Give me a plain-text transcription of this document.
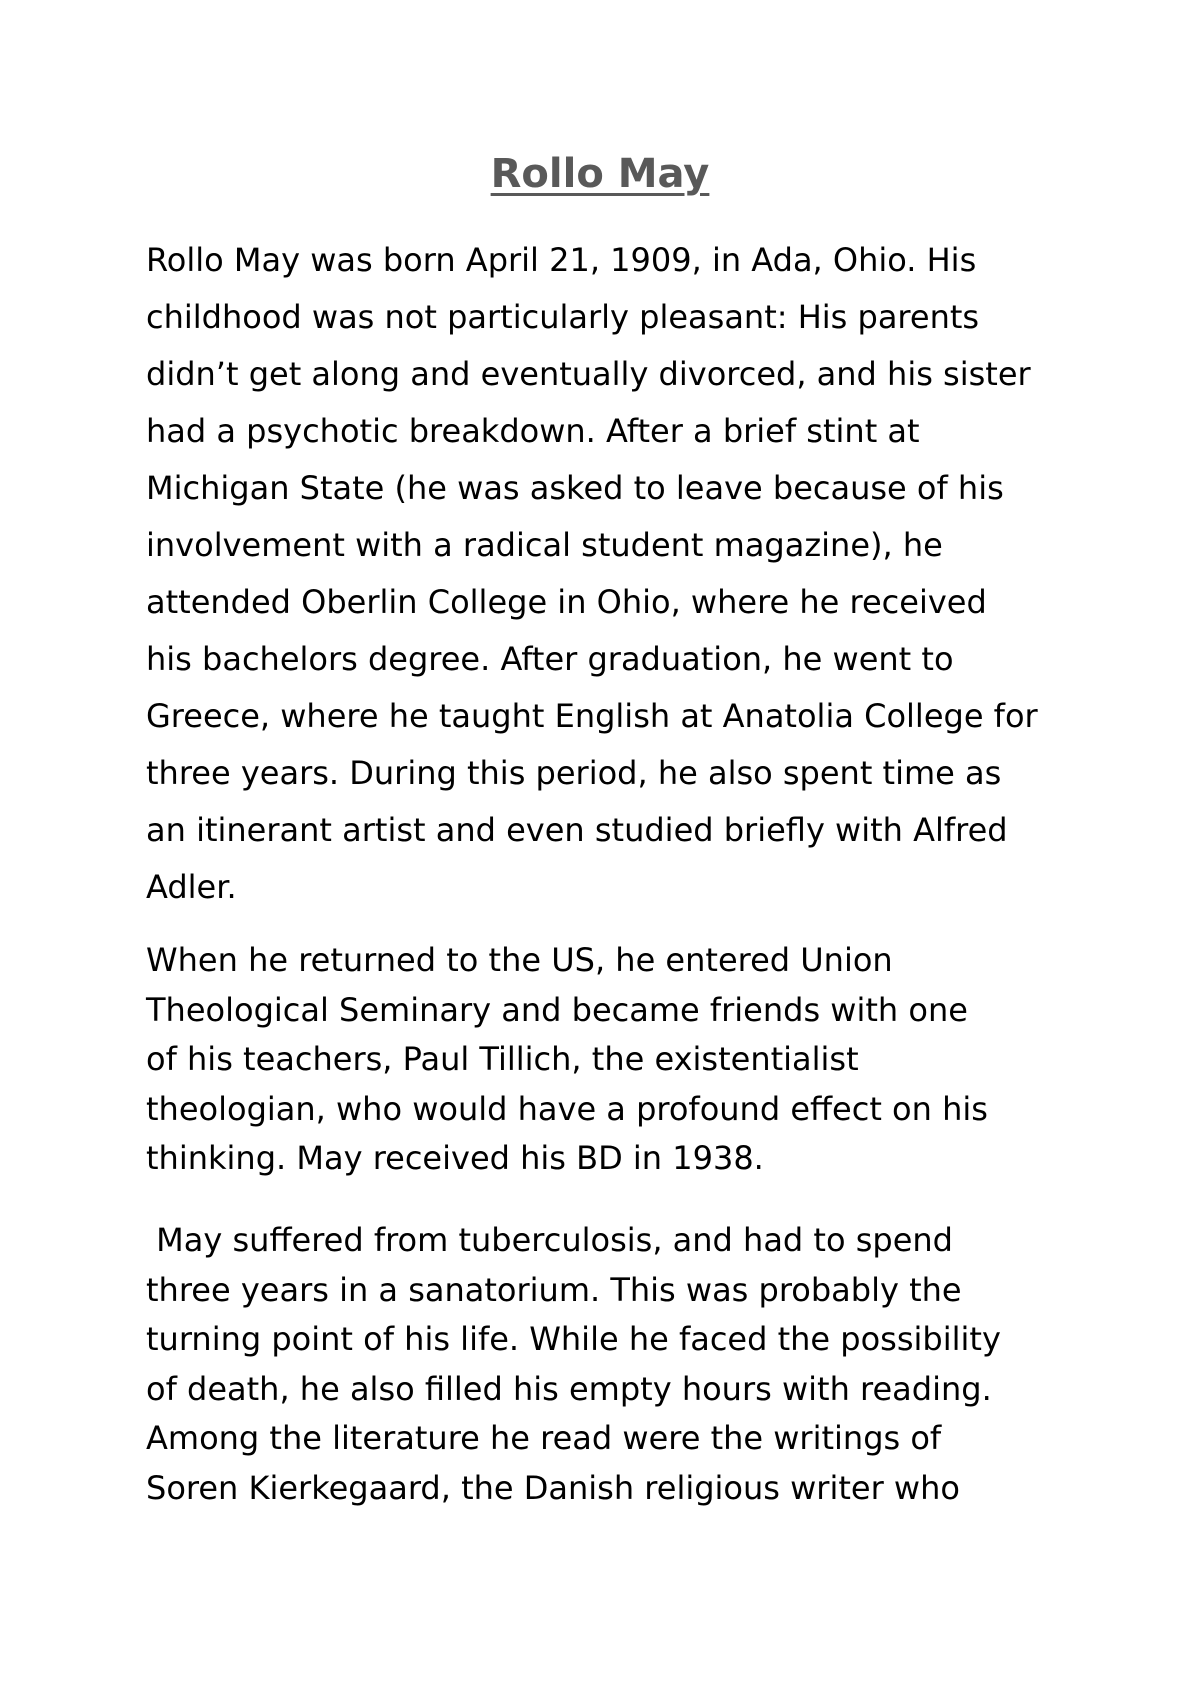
Rollo May
Rollo May was born April 21, 1909, in Ada, Ohio. His
childhood was not particularly pleasant: His parents
didn’t get along and eventually divorced, and his sister
had a psychotic breakdown. After a brief stint at
Michigan State (he was asked to leave because of his
involvement with a radical student magazine), he
attended Oberlin College in Ohio, where he received
his bachelors degree. After graduation, he went to
Greece, where he taught English at Anatolia College for
three years. During this period, he also spent time as
an itinerant artist and even studied briefly with Alfred
Adler.
When he returned to the US, he entered Union
Theological Seminary and became friends with one
of his teachers, Paul Tillich, the existentialist
theologian, who would have a profound effect on his
thinking. May received his BD in 1938.
May suffered from tuberculosis, and had to spend
three years in a sanatorium. This was probably the
turning point of his life. While he faced the possibility
of death, he also filled his empty hours with reading.
Among the literature he read were the writings of
Soren Kierkegaard, the Danish religious writer who
